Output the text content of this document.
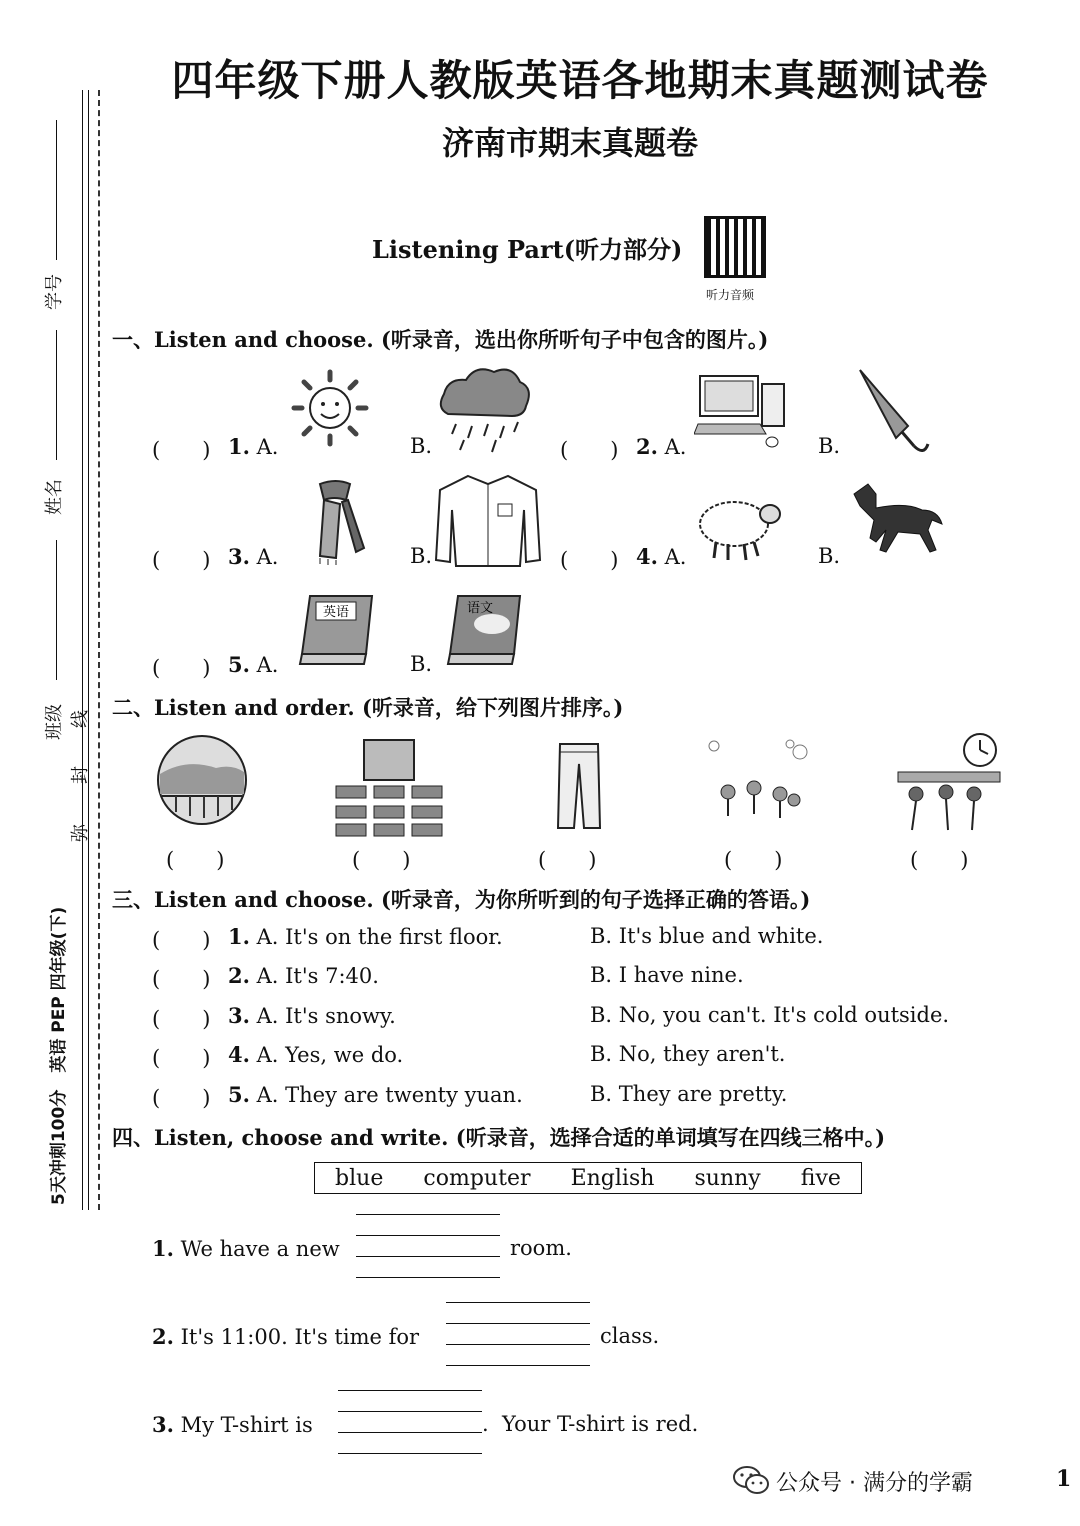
四年级下册人教版英语各地期末真题测试卷
济南市期末真题卷
Listening Part(听力部分)
听力音频
学号
姓名
班级 线
封
弥
5天冲刺100分　英语 PEP 四年级(下)
一、Listen and choose. (听录音，选出你所听句子中包含的图片。)
(　　) 1. A.	B.	(　　) 2. A.	B.
(　　) 3. A.	B.	(　　) 4. A.	B.
(　　) 5. A.
英语
B.
语文
二、Listen and order. (听录音，给下列图片排序。)
(　　)	(　　)	(　　)	(　　)	(　　)
三、Listen and choose. (听录音，为你所听到的句子选择正确的答语。)
(　　) 1. A. It's on the first floor.	B. It's blue and white.
(　　) 2. A. It's 7:40.	B. I have nine.
(　　) 3. A. It's snowy.	B. No, you can't. It's cold outside.
(　　) 4. A. Yes, we do.	B. No, they aren't.
(　　) 5. A. They are twenty yuan.	B. They are pretty.
四、Listen, choose and write. (听录音，选择合适的单词填写在四线三格中。)
blue computer English sunny five
1. We have a new	room.
2. It's 11:00. It's time for	class.
3. My T-shirt is	.  Your T-shirt is red.
公众号 · 满分的学霸	1
